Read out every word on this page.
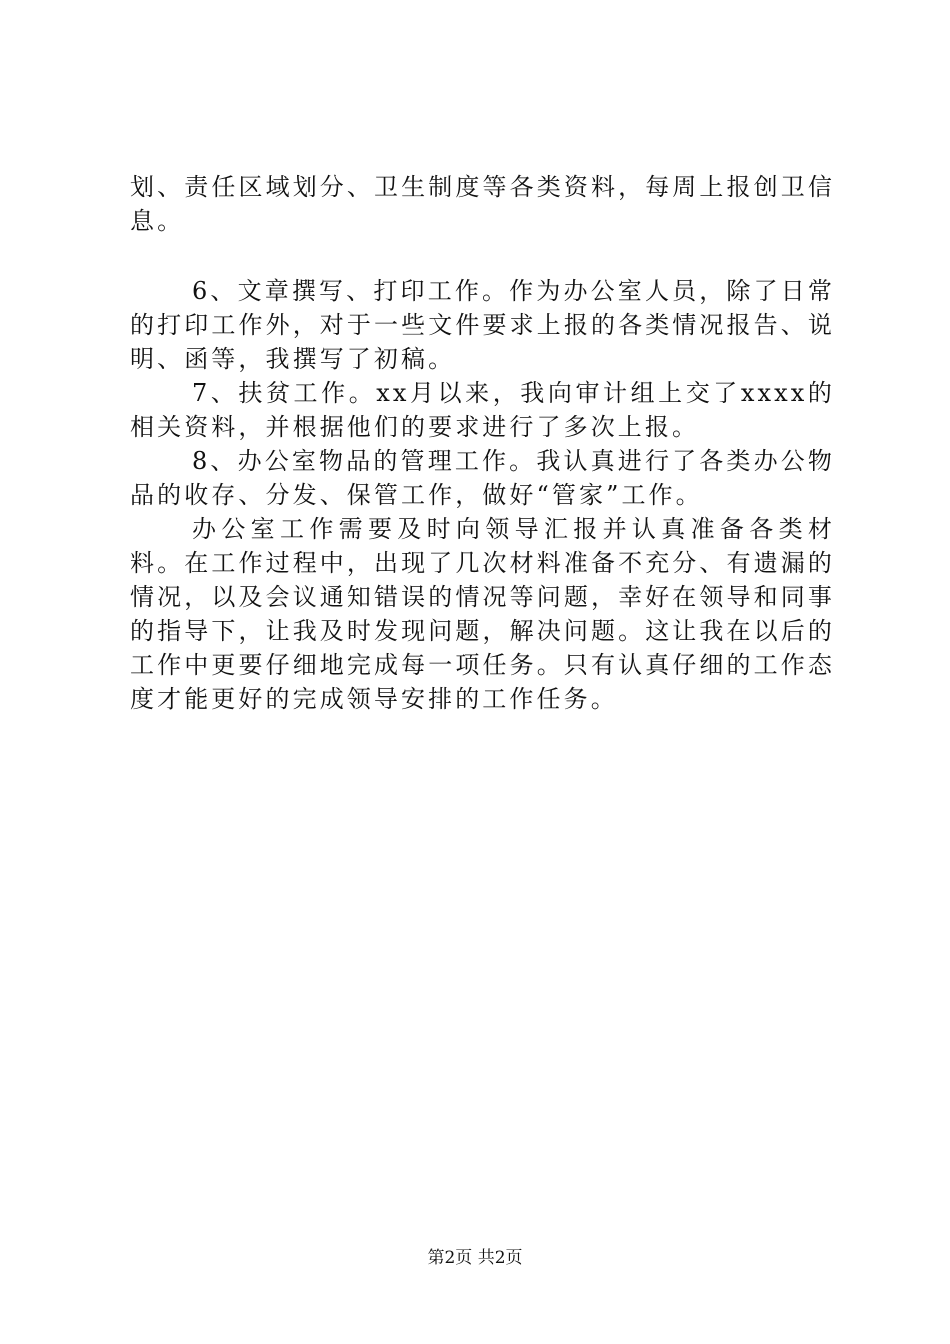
划、责任区域划分、卫生制度等各类资料，每周上报创卫信息。

6、文章撰写、打印工作。作为办公室人员，除了日常的打印工作外，对于一些文件要求上报的各类情况报告、说明、函等，我撰写了初稿。

7、扶贫工作。xx月以来，我向审计组上交了xxxx的相关资料，并根据他们的要求进行了多次上报。

8、办公室物品的管理工作。我认真进行了各类办公物品的收存、分发、保管工作，做好“管家”工作。

办公室工作需要及时向领导汇报并认真准备各类材料。在工作过程中，出现了几次材料准备不充分、有遗漏的情况，以及会议通知错误的情况等问题，幸好在领导和同事的指导下，让我及时发现问题，解决问题。这让我在以后的工作中更要仔细地完成每一项任务。只有认真仔细的工作态度才能更好的完成领导安排的工作任务。

第2页 共2页
